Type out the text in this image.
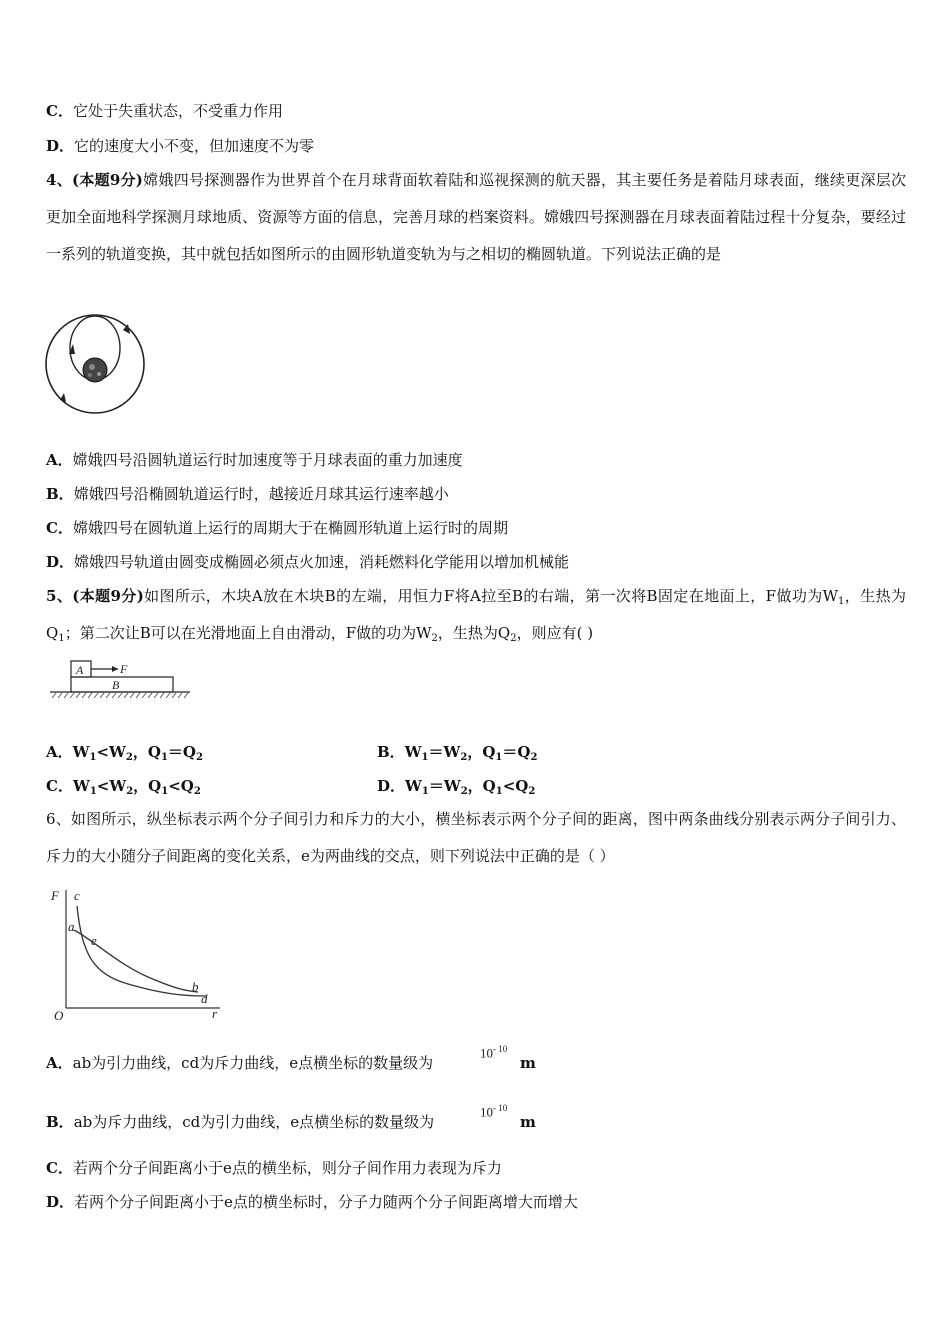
C．它处于失重状态，不受重力作用
D．它的速度大小不变，但加速度不为零
4、(本题9分)嫦娥四号探测器作为世界首个在月球背面软着陆和巡视探测的航天器，其主要任务是着陆月球表面，继续更深层次更加全面地科学探测月球地质、资源等方面的信息，完善月球的档案资料。嫦娥四号探测器在月球表面着陆过程十分复杂，要经过一系列的轨道变换，其中就包括如图所示的由圆形轨道变轨为与之相切的椭圆轨道。下列说法正确的是
A．嫦娥四号沿圆轨道运行时加速度等于月球表面的重力加速度
B．嫦娥四号沿椭圆轨道运行时，越接近月球其运行速率越小
C．嫦娥四号在圆轨道上运行的周期大于在椭圆形轨道上运行时的周期
D．嫦娥四号轨道由圆变成椭圆必须点火加速，消耗燃料化学能用以增加机械能
5、(本题9分)如图所示，木块A放在木块B的左端，用恒力F将A拉至B的右端，第一次将B固定在地面上，F做功为$W_1$，生热为$Q_1$；第二次让B可以在光滑地面上自由滑动，F做的功为$W_2$，生热为$Q_2$，则应有( )
A	F
B
A．$W_1<W_2$，$Q_1=Q_2$	B．$W_1=W_2$，$Q_1=Q_2$
C．$W_1<W_2$，$Q_1<Q_2$	D．$W_1=W_2$，$Q_1<Q_2$
6、如图所示，纵坐标表示两个分子间引力和斥力的大小，横坐标表示两个分子间的距离，图中两条曲线分别表示两分子间引力、斥力的大小随分子间距离的变化关系，e为两曲线的交点，则下列说法中正确的是（ ）
F c
a
e
b
d
O	r
A．ab为引力曲线，cd为斥力曲线，e点横坐标的数量级为
$10^{- 10}$
m
B．ab为斥力曲线，cd为引力曲线，e点横坐标的数量级为
$10^{- 10}$
m
C．若两个分子间距离小于e点的横坐标，则分子间作用力表现为斥力
D．若两个分子间距离小于e点的横坐标时，分子力随两个分子间距离增大而增大
